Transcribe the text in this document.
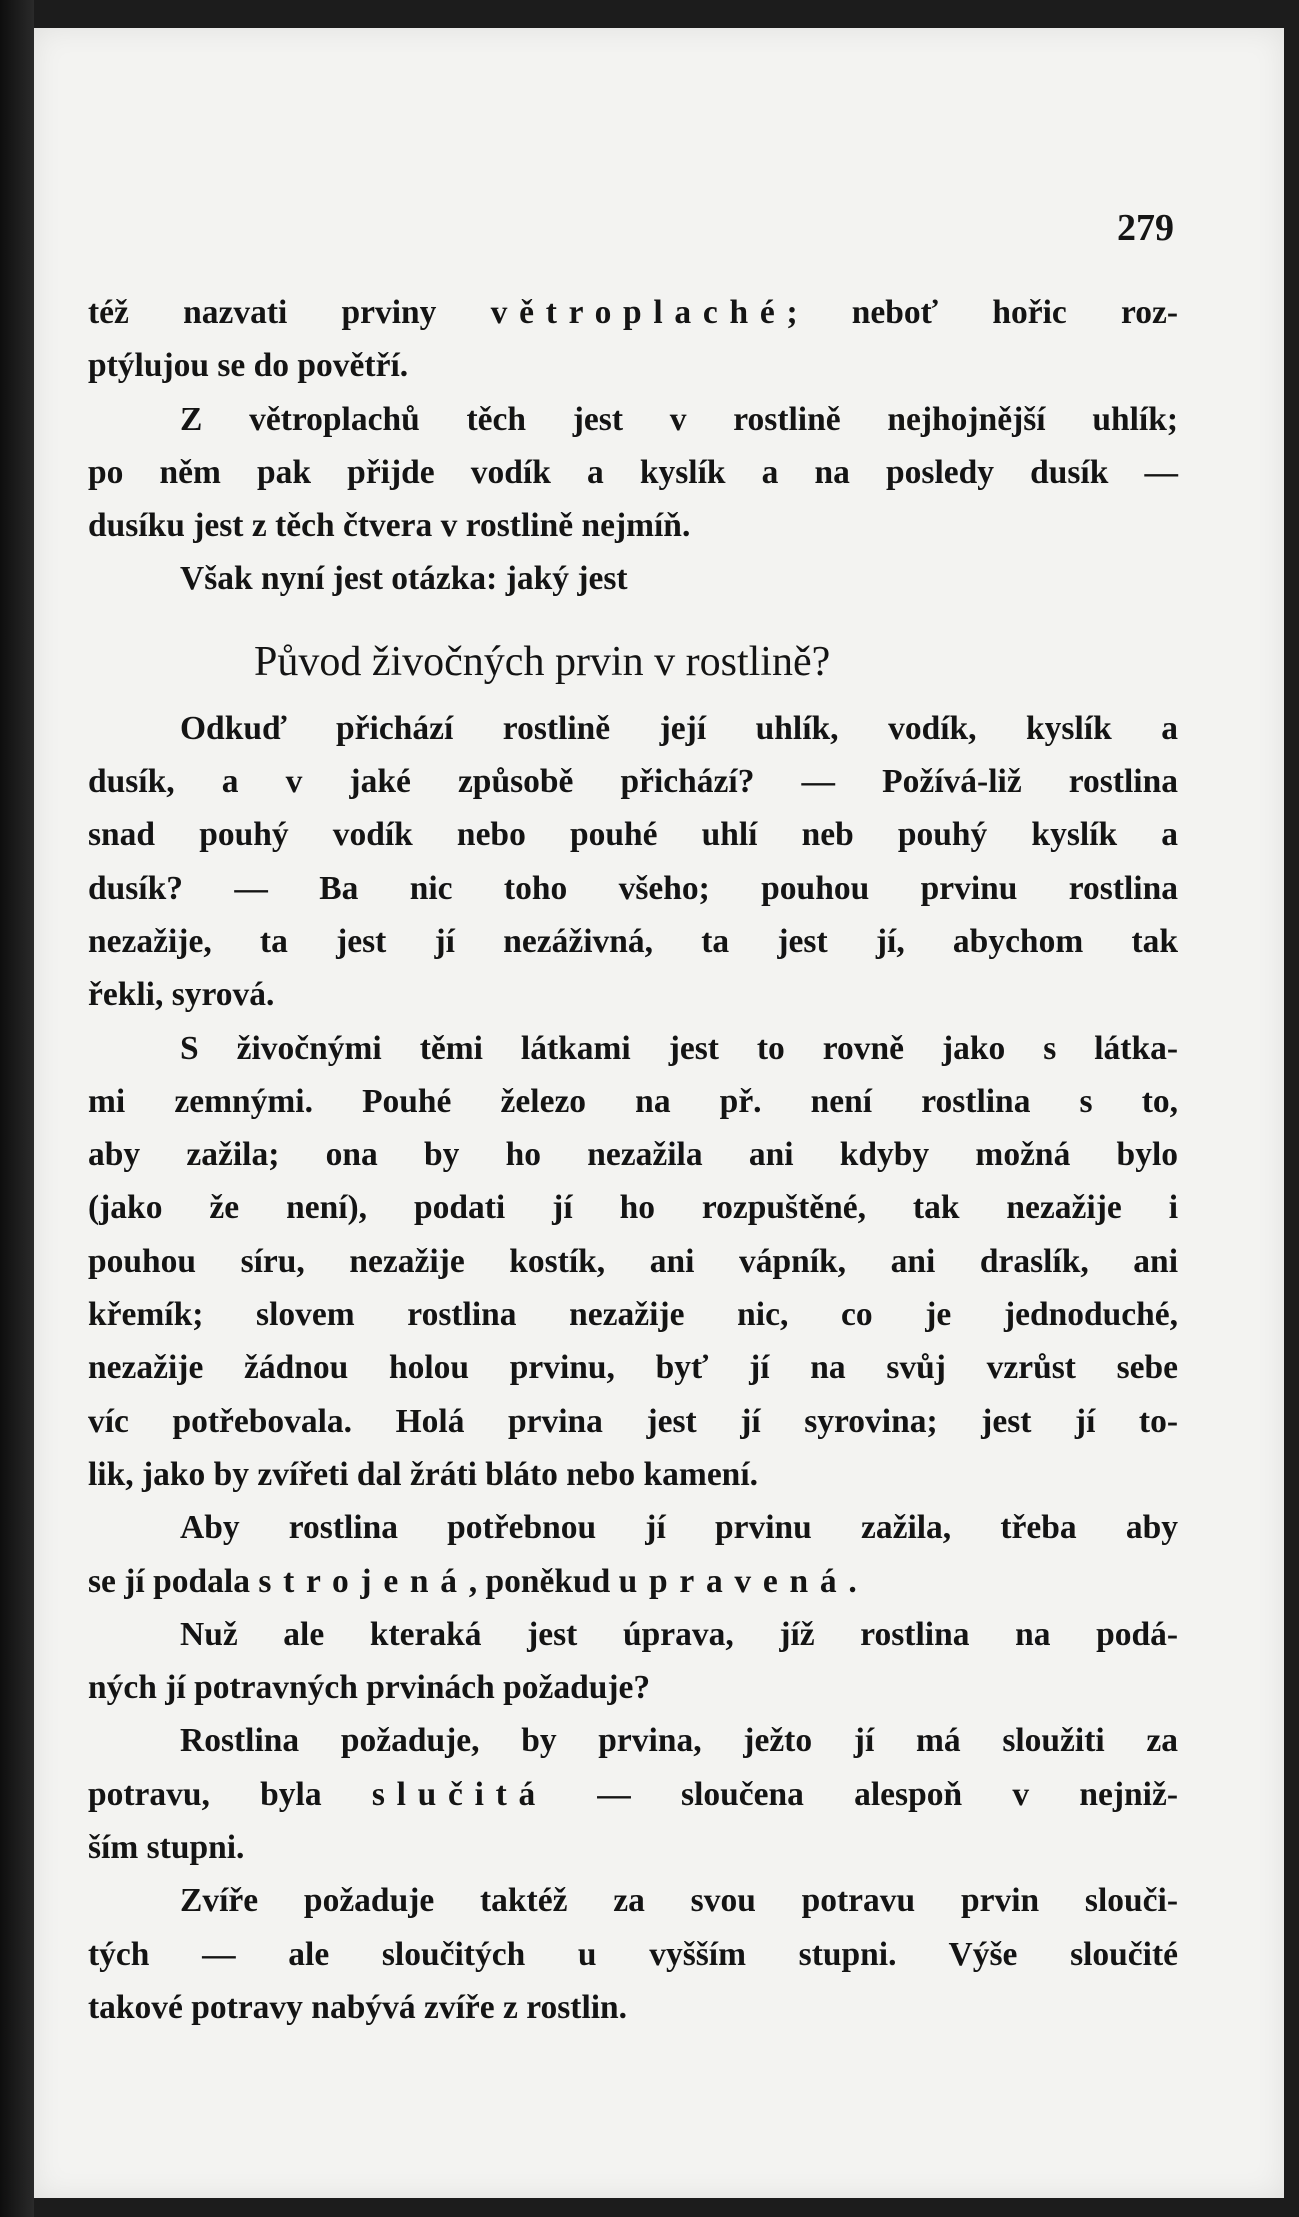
279

též nazvati prviny větroplaché; neboť hořic roz-
ptýlujou se do povětří.

Z větroplachů těch jest v rostlině nejhojnější uhlík;
po něm pak přijde vodík a kyslík a na posledy dusík —
dusíku jest z těch čtvera v rostlině nejmíň.

Však nyní jest otázka: jaký jest

Původ živočných prvin v rostlině?

Odkuď přichází rostlině její uhlík, vodík, kyslík a
dusík, a v jaké způsobě přichází? — Požívá-liž rostlina
snad pouhý vodík nebo pouhé uhlí neb pouhý kyslík a
dusík? — Ba nic toho všeho; pouhou prvinu rostlina
nezažije, ta jest jí nezáživná, ta jest jí, abychom tak
řekli, syrová.

S živočnými těmi látkami jest to rovně jako s látka-
mi zemnými. Pouhé železo na př. není rostlina s to,
aby zažila; ona by ho nezažila ani kdyby možná bylo
(jako že není), podati jí ho rozpuštěné, tak nezažije i
pouhou síru, nezažije kostík, ani vápník, ani draslík, ani
křemík; slovem rostlina nezažije nic, co je jednoduché,
nezažije žádnou holou prvinu, byť jí na svůj vzrůst sebe
víc potřebovala. Holá prvina jest jí syrovina; jest jí to-
lik, jako by zvířeti dal žráti bláto nebo kamení.

Aby rostlina potřebnou jí prvinu zažila, třeba aby
se jí podala strojená, poněkud upravená.

Nuž ale kteraká jest úprava, jíž rostlina na podá-
ných jí potravných prvinách požaduje?

Rostlina požaduje, by prvina, ježto jí má sloužiti za
potravu, byla slučitá — sloučena alespoň v nejniž-
ším stupni.

Zvíře požaduje taktéž za svou potravu prvin slouči-
tých — ale sloučitých u vyšším stupni. Výše sloučité
takové potravy nabývá zvíře z rostlin.
